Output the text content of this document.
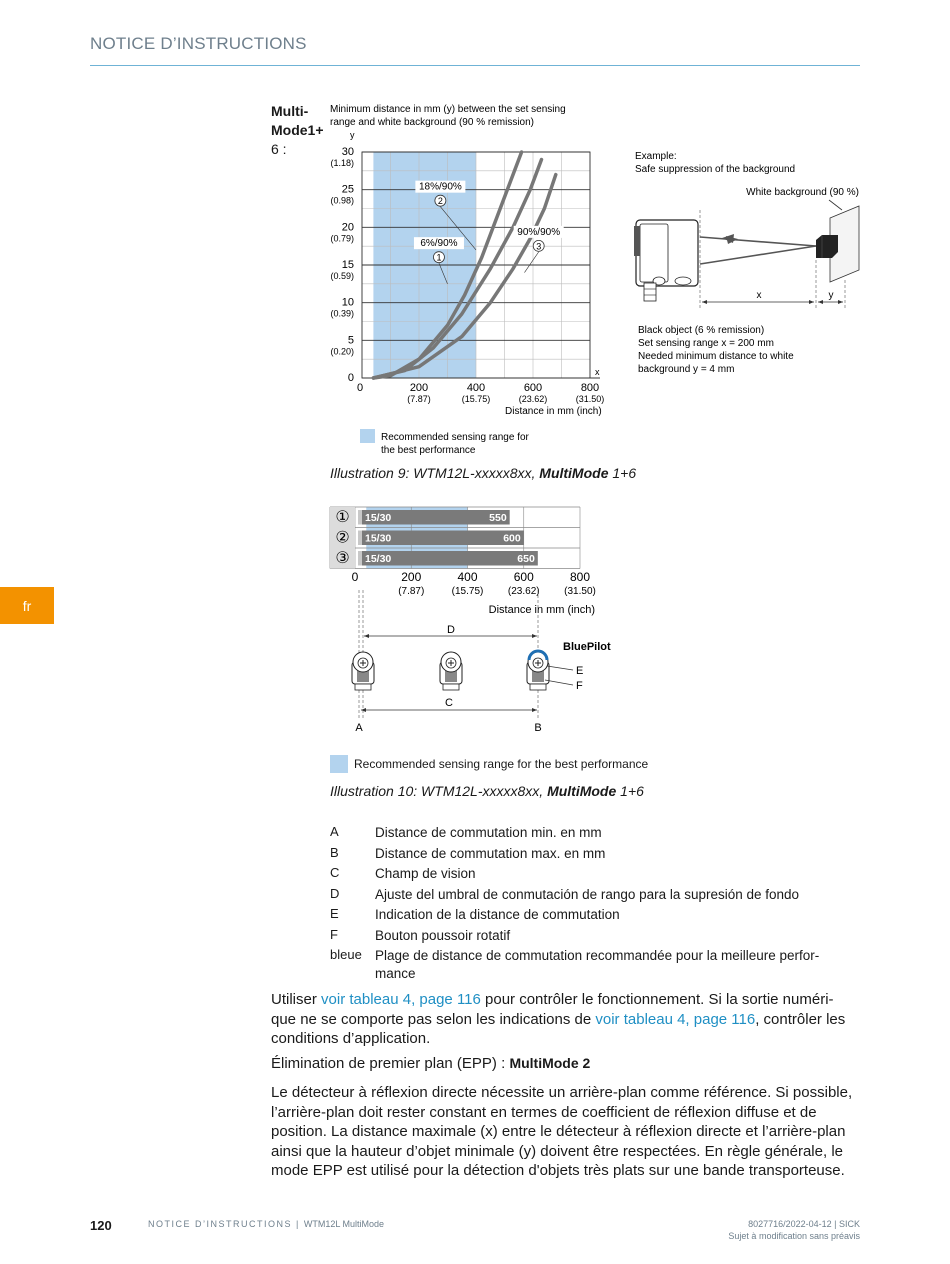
NOTICE D’INSTRUCTIONS
fr
Multi-
Mode1+
6 :
Minimum distance in mm (y) between the set sensing
range and white background (90 % remission)
y
6%/90%
1
18%/90%
2
90%/90%
3
30
(1.18)
25
(0.98)
20
(0.79)
15
(0.59)
10
(0.39)
5
(0.20)
0
0	200
(7.87)
400
(15.75)
600
(23.62)
800
(31.50)
x
Distance in mm (inch)
Recommended sensing range for
the best performance
Example:
Safe suppression of the background
White background (90 %)
x	y
Black object (6 % remission)
Set sensing range x = 200 mm
Needed minimum distance to white
background y = 4 mm
Illustration 9: WTM12L-xxxxx8xx, MultiMode 1+6
① 15/30	550
② 15/30	600
③ 15/30	650
0	200
(7.87)
400
(15.75)
600
(23.62)
800
(31.50)
Distance in mm (inch)
D
BluePilot
E
F
C
A	B
Recommended sensing range for the best performance
Illustration 10: WTM12L-xxxxx8xx, MultiMode 1+6
A	Distance de commutation min. en mm
B	Distance de commutation max. en mm
C	Champ de vision
D	Ajuste del umbral de conmutación de rango para la supresión de fondo
E	Indication de la distance de commutation
F	Bouton poussoir rotatif
bleue Plage de distance de commutation recommandée pour la meilleure perfor- mance
Utiliser voir tableau 4, page 116 pour contrôler le fonctionnement. Si la sortie numéri- que ne se comporte pas selon les indications de voir tableau 4, page 116, contrôler les conditions d’application.
Élimination de premier plan (EPP) : MultiMode 2
Le détecteur à réflexion directe nécessite un arrière-plan comme référence. Si possible, l’arrière-plan doit rester constant en termes de coefficient de réflexion diffuse et de position. La distance maximale (x) entre le détecteur à réflexion directe et l’arrière-plan ainsi que la hauteur d’objet minimale (y) doivent être respectées. En règle générale, le mode EPP est utilisé pour la détection d'objets très plats sur une bande transporteuse.
120	NOTICE D’INSTRUCTIONS | WTM12L MultiMode	8027716/2022-04-12 | SICK
Sujet à modification sans préavis
